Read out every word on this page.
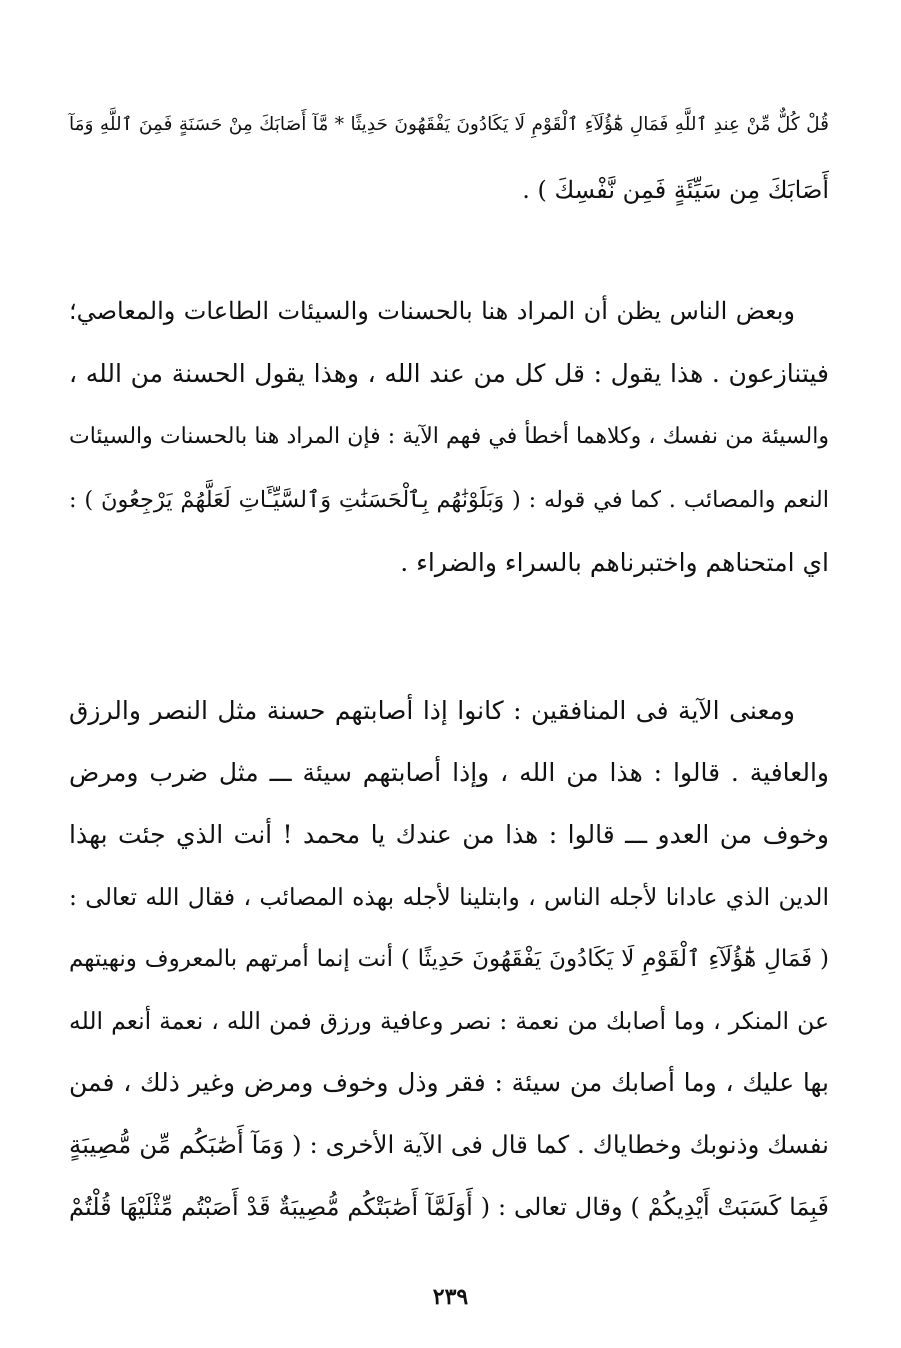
قُلْ كُلٌّ مِّنْ عِندِ ٱللَّهِ فَمَالِ هَٰٓؤُلَآءِ ٱلْقَوْمِ لَا يَكَادُونَ يَفْقَهُونَ حَدِيثًا * مَّآ أَصَابَكَ مِنْ حَسَنَةٍ فَمِنَ ٱللَّهِ وَمَآ
أَصَابَكَ مِن سَيِّئَةٍ فَمِن نَّفْسِكَ ) .
وبعض الناس يظن أن المراد هنا بالحسنات والسيئات الطاعات والمعاصي؛
فيتنازعون . هذا يقول : قل كل من عند الله ، وهذا يقول الحسنة من الله ،
والسيئة من نفسك ، وكلاهما أخطأ في فهم الآية : فإن المراد هنا بالحسنات والسيئات
النعم والمصائب . كما في قوله : ( وَبَلَوْنَٰهُم بِٱلْحَسَنَٰتِ وَٱلسَّيِّـَٔاتِ لَعَلَّهُمْ يَرْجِعُونَ ) :
اي امتحناهم واختبرناهم بالسراء والضراء .
ومعنى الآية فى المنافقين : كانوا إذا أصابتهم حسنة مثل النصر والرزق
والعافية . قالوا : هذا من الله ، وإذا أصابتهم سيئة ـــ مثل ضرب ومرض
وخوف من العدو ـــ قالوا : هذا من عندك يا محمد ! أنت الذي جئت بهذا
الدين الذي عادانا لأجله الناس ، وابتلينا لأجله بهذه المصائب ، فقال الله تعالى :
( فَمَالِ هَٰٓؤُلَآءِ ٱلْقَوْمِ لَا يَكَادُونَ يَفْقَهُونَ حَدِيثًا ) أنت إنما أمرتهم بالمعروف ونهيتهم
عن المنكر ، وما أصابك من نعمة : نصر وعافية ورزق فمن الله ، نعمة أنعم الله
بها عليك ، وما أصابك من سيئة : فقر وذل وخوف ومرض وغير ذلك ، فمن
نفسك وذنوبك وخطاياك . كما قال فى الآية الأخرى : ( وَمَآ أَصَٰبَكُم مِّن مُّصِيبَةٍ
فَبِمَا كَسَبَتْ أَيْدِيكُمْ ) وقال تعالى : ( أَوَلَمَّآ أَصَٰبَتْكُم مُّصِيبَةٌ قَدْ أَصَبْتُم مِّثْلَيْهَا قُلْتُمْ
٢٣٩
